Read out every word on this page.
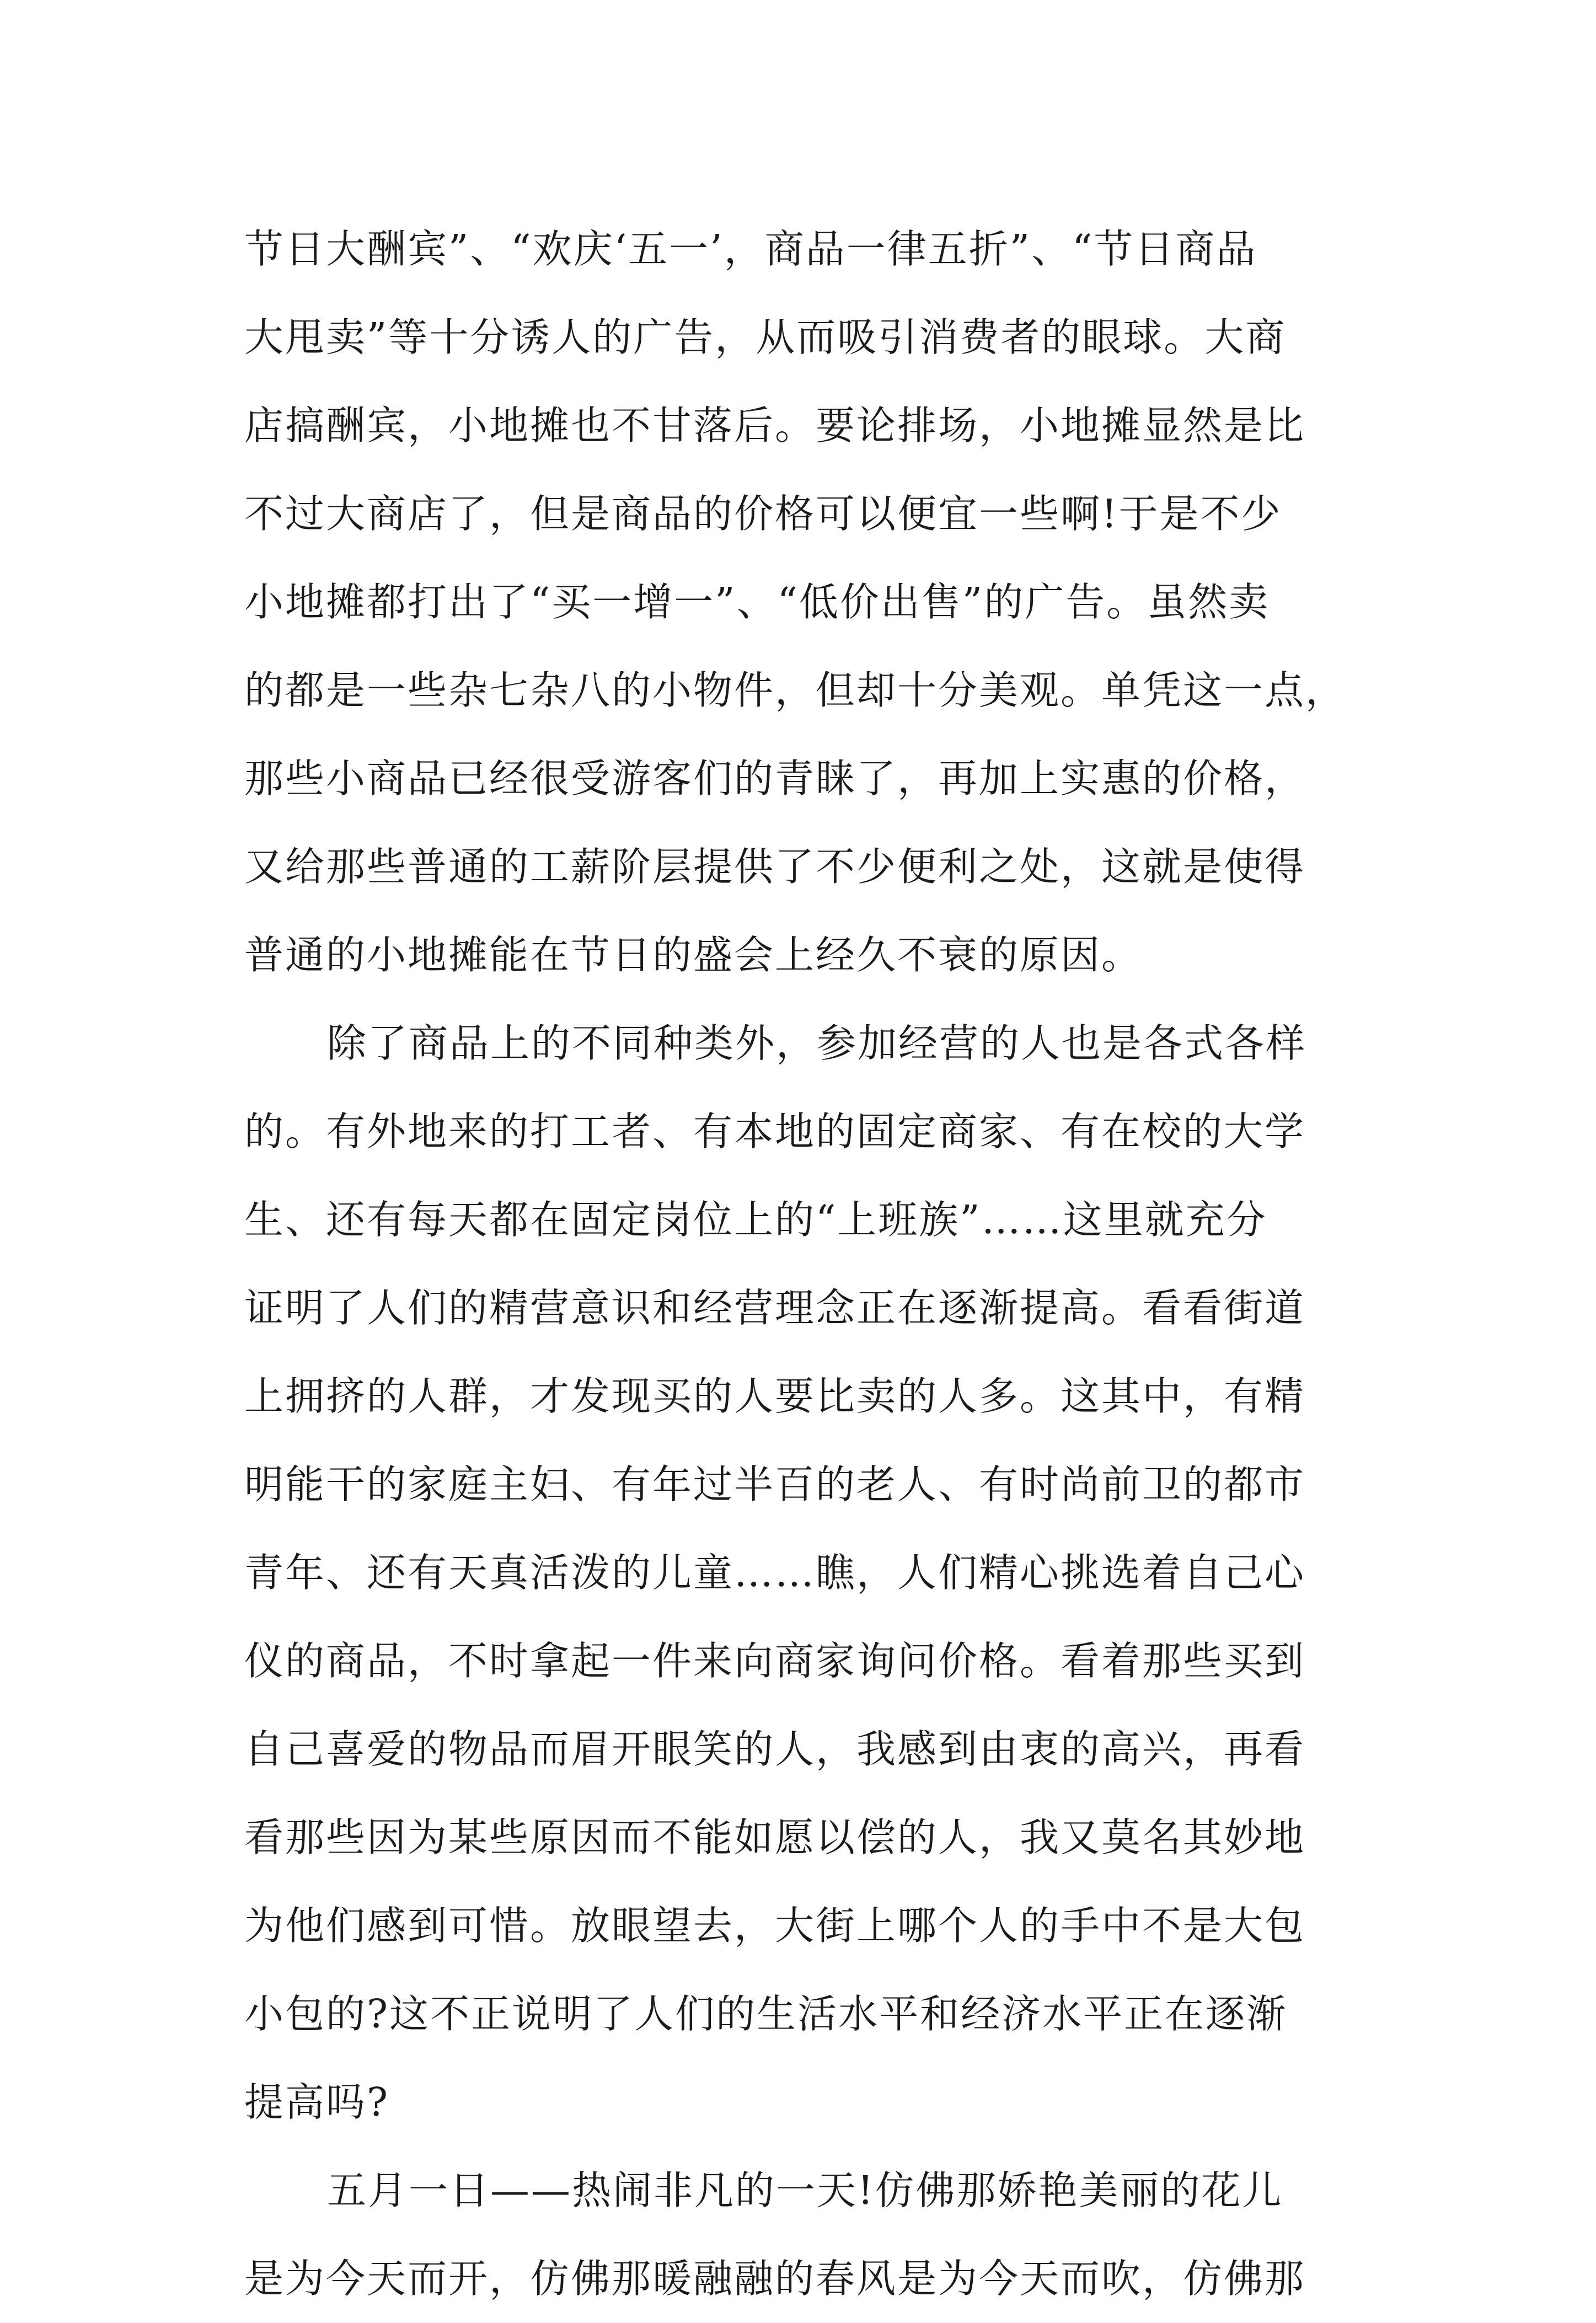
节日大酬宾”、“欢庆‘五一’，商品一律五折”、“节日商品
大甩卖”等十分诱人的广告，从而吸引消费者的眼球。大商
店搞酬宾，小地摊也不甘落后。要论排场，小地摊显然是比
不过大商店了，但是商品的价格可以便宜一些啊!于是不少
小地摊都打出了“买一增一”、“低价出售”的广告。虽然卖
的都是一些杂七杂八的小物件，但却十分美观。单凭这一点，
那些小商品已经很受游客们的青睐了，再加上实惠的价格，
又给那些普通的工薪阶层提供了不少便利之处，这就是使得
普通的小地摊能在节日的盛会上经久不衰的原因。
除了商品上的不同种类外，参加经营的人也是各式各样
的。有外地来的打工者、有本地的固定商家、有在校的大学
生、还有每天都在固定岗位上的“上班族”……这里就充分
证明了人们的精营意识和经营理念正在逐渐提高。看看街道
上拥挤的人群，才发现买的人要比卖的人多。这其中，有精
明能干的家庭主妇、有年过半百的老人、有时尚前卫的都市
青年、还有天真活泼的儿童……瞧，人们精心挑选着自己心
仪的商品，不时拿起一件来向商家询问价格。看着那些买到
自己喜爱的物品而眉开眼笑的人，我感到由衷的高兴，再看
看那些因为某些原因而不能如愿以偿的人，我又莫名其妙地
为他们感到可惜。放眼望去，大街上哪个人的手中不是大包
小包的?这不正说明了人们的生活水平和经济水平正在逐渐
提高吗?
五月一日——热闹非凡的一天!仿佛那娇艳美丽的花儿
是为今天而开，仿佛那暖融融的春风是为今天而吹，仿佛那
